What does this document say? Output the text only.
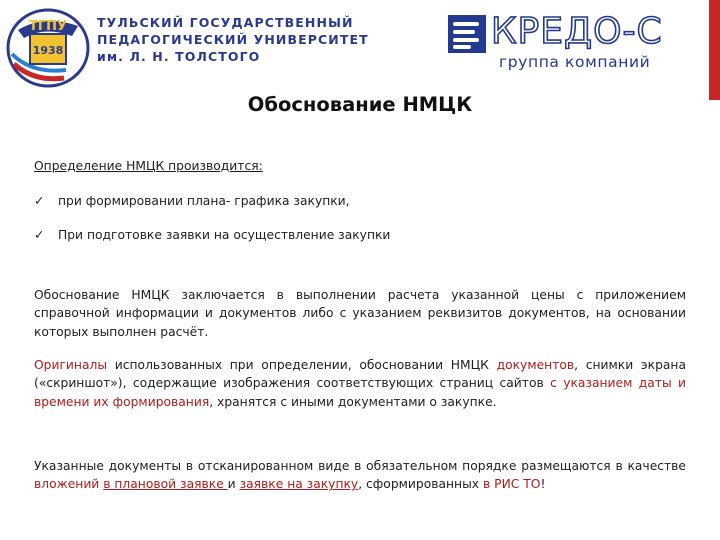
ТГПУ
1938
ТУЛЬСКИЙ ГОСУДАРСТВЕННЫЙ
ПЕДАГОГИЧЕСКИЙ УНИВЕРСИТЕТ
им. Л. Н. ТОЛСТОГО
КРЕДО-С
группа компаний
Обоснование НМЦК
Определение НМЦК производится:
✓ при формировании плана- графика закупки,
✓ При подготовке заявки на осуществление закупки
Обоснование НМЦК заключается в выполнении расчета указанной цены с приложением справочной информации и документов либо с указанием реквизитов документов, на основании которых выполнен расчёт.
Оригиналы использованных при определении, обосновании НМЦК документов, снимки экрана («скриншот»), содержащие изображения соответствующих страниц сайтов с указанием даты и времени их формирования, хранятся с иными документами о закупке.
Указанные документы в отсканированном виде в обязательном порядке размещаются в качестве вложений в плановой заявке и заявке на закупку, сформированных в РИС ТО!
